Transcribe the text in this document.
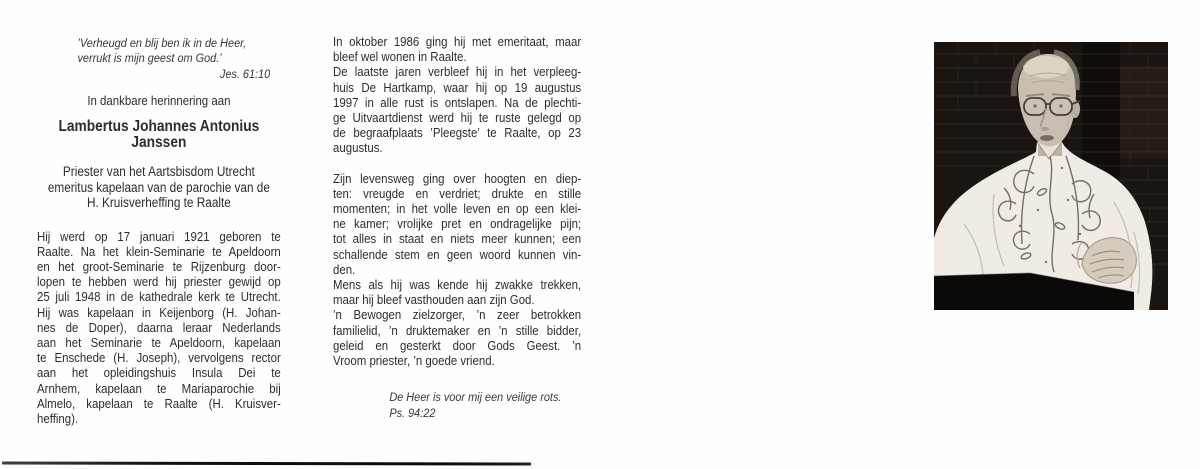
’Verheugd en blij ben ik in de Heer,
verrukt is mijn geest om God.’
Jes. 61:10
In dankbare herinnering aan
Lambertus Johannes Antonius
Janssen
Priester van het Aartsbisdom Utrecht
emeritus kapelaan van de parochie van de
H. Kruisverheffing te Raalte
Hij werd op 17 januari 1921 geboren te
Raalte. Na het klein-Seminarie te Apeldoorn
en het groot-Seminarie te Rijzenburg door-
lopen te hebben werd hij priester gewijd op
25 juli 1948 in de kathedrale kerk te Utrecht.
Hij was kapelaan in Keijenborg (H. Johan-
nes de Doper), daarna leraar Nederlands
aan het Seminarie te Apeldoorn, kapelaan
te Enschede (H. Joseph), vervolgens rector
aan het opleidingshuis Insula Dei te
Arnhem, kapelaan te Mariaparochie bij
Almelo, kapelaan te Raalte (H. Kruisver-
heffing).
In oktober 1986 ging hij met emeritaat, maar
bleef wel wonen in Raalte.
De laatste jaren verbleef hij in het verpleeg-
huis De Hartkamp, waar hij op 19 augustus
1997 in alle rust is ontslapen. Na de plechti-
ge Uitvaartdienst werd hij te ruste gelegd op
de begraafplaats ’Pleegste’ te Raalte, op 23
augustus.
Zijn levensweg ging over hoogten en diep-
ten: vreugde en verdriet; drukte en stille
momenten; in het volle leven en op een klei-
ne kamer; vrolijke pret en ondragelijke pijn;
tot alles in staat en niets meer kunnen; een
schallende stem en geen woord kunnen vin-
den.
Mens als hij was kende hij zwakke trekken,
maar hij bleef vasthouden aan zijn God.
’n Bewogen zielzorger, ’n zeer betrokken
familielid, ’n druktemaker en ’n stille bidder,
geleid en gesterkt door Gods Geest. ’n
Vroom priester, ’n goede vriend.
De Heer is voor mij een veilige rots.
Ps. 94:22
